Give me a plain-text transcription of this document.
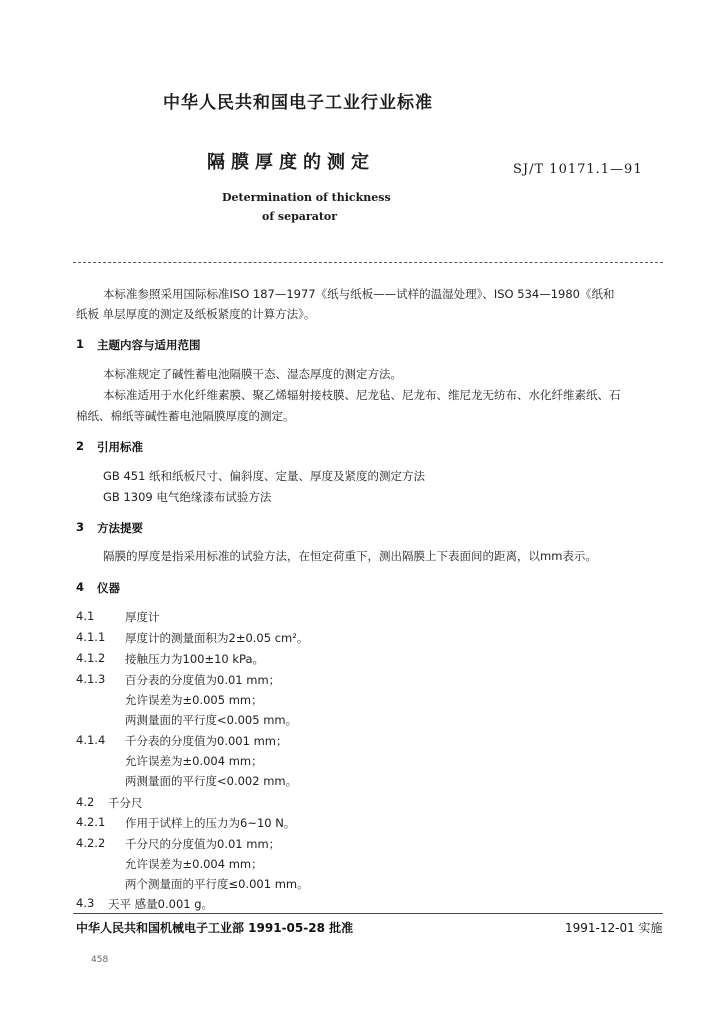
中华人民共和国电子工业行业标准
隔膜厚度的测定	SJ/T 10171.1—91
Determination of thickness
of separator
本标准参照采用国际标准ISO 187—1977《纸与纸板——试样的温湿处理》、ISO 534—1980《纸和
纸板 单层厚度的测定及纸板紧度的计算方法》。
1 主题内容与适用范围
本标准规定了碱性蓄电池隔膜干态、湿态厚度的测定方法。
本标准适用于水化纤维素膜、聚乙烯辐射接枝膜、尼龙毡、尼龙布、维尼龙无纺布、水化纤维素纸、石
棉纸、棉纸等碱性蓄电池隔膜厚度的测定。
2 引用标准
GB 451 纸和纸板尺寸、偏斜度、定量、厚度及紧度的测定方法
GB 1309 电气绝缘漆布试验方法
3 方法提要
隔膜的厚度是指采用标准的试验方法，在恒定荷重下，测出隔膜上下表面间的距离，以mm表示。
4 仪器
4.1	厚度计
4.1.1 厚度计的测量面积为2±0.05 cm²。
4.1.2 接触压力为100±10 kPa。
4.1.3 百分表的分度值为0.01 mm；
允许误差为±0.005 mm；
两测量面的平行度<0.005 mm。
4.1.4 千分表的分度值为0.001 mm；
允许误差为±0.004 mm；
两测量面的平行度<0.002 mm。
4.2 千分尺
4.2.1 作用于试样上的压力为6~10 N。
4.2.2 千分尺的分度值为0.01 mm；
允许误差为±0.004 mm；
两个测量面的平行度≤0.001 mm。
4.3 天平 感量0.001 g。
中华人民共和国机械电子工业部 1991-05-28 批准	1991-12-01 实施
458
